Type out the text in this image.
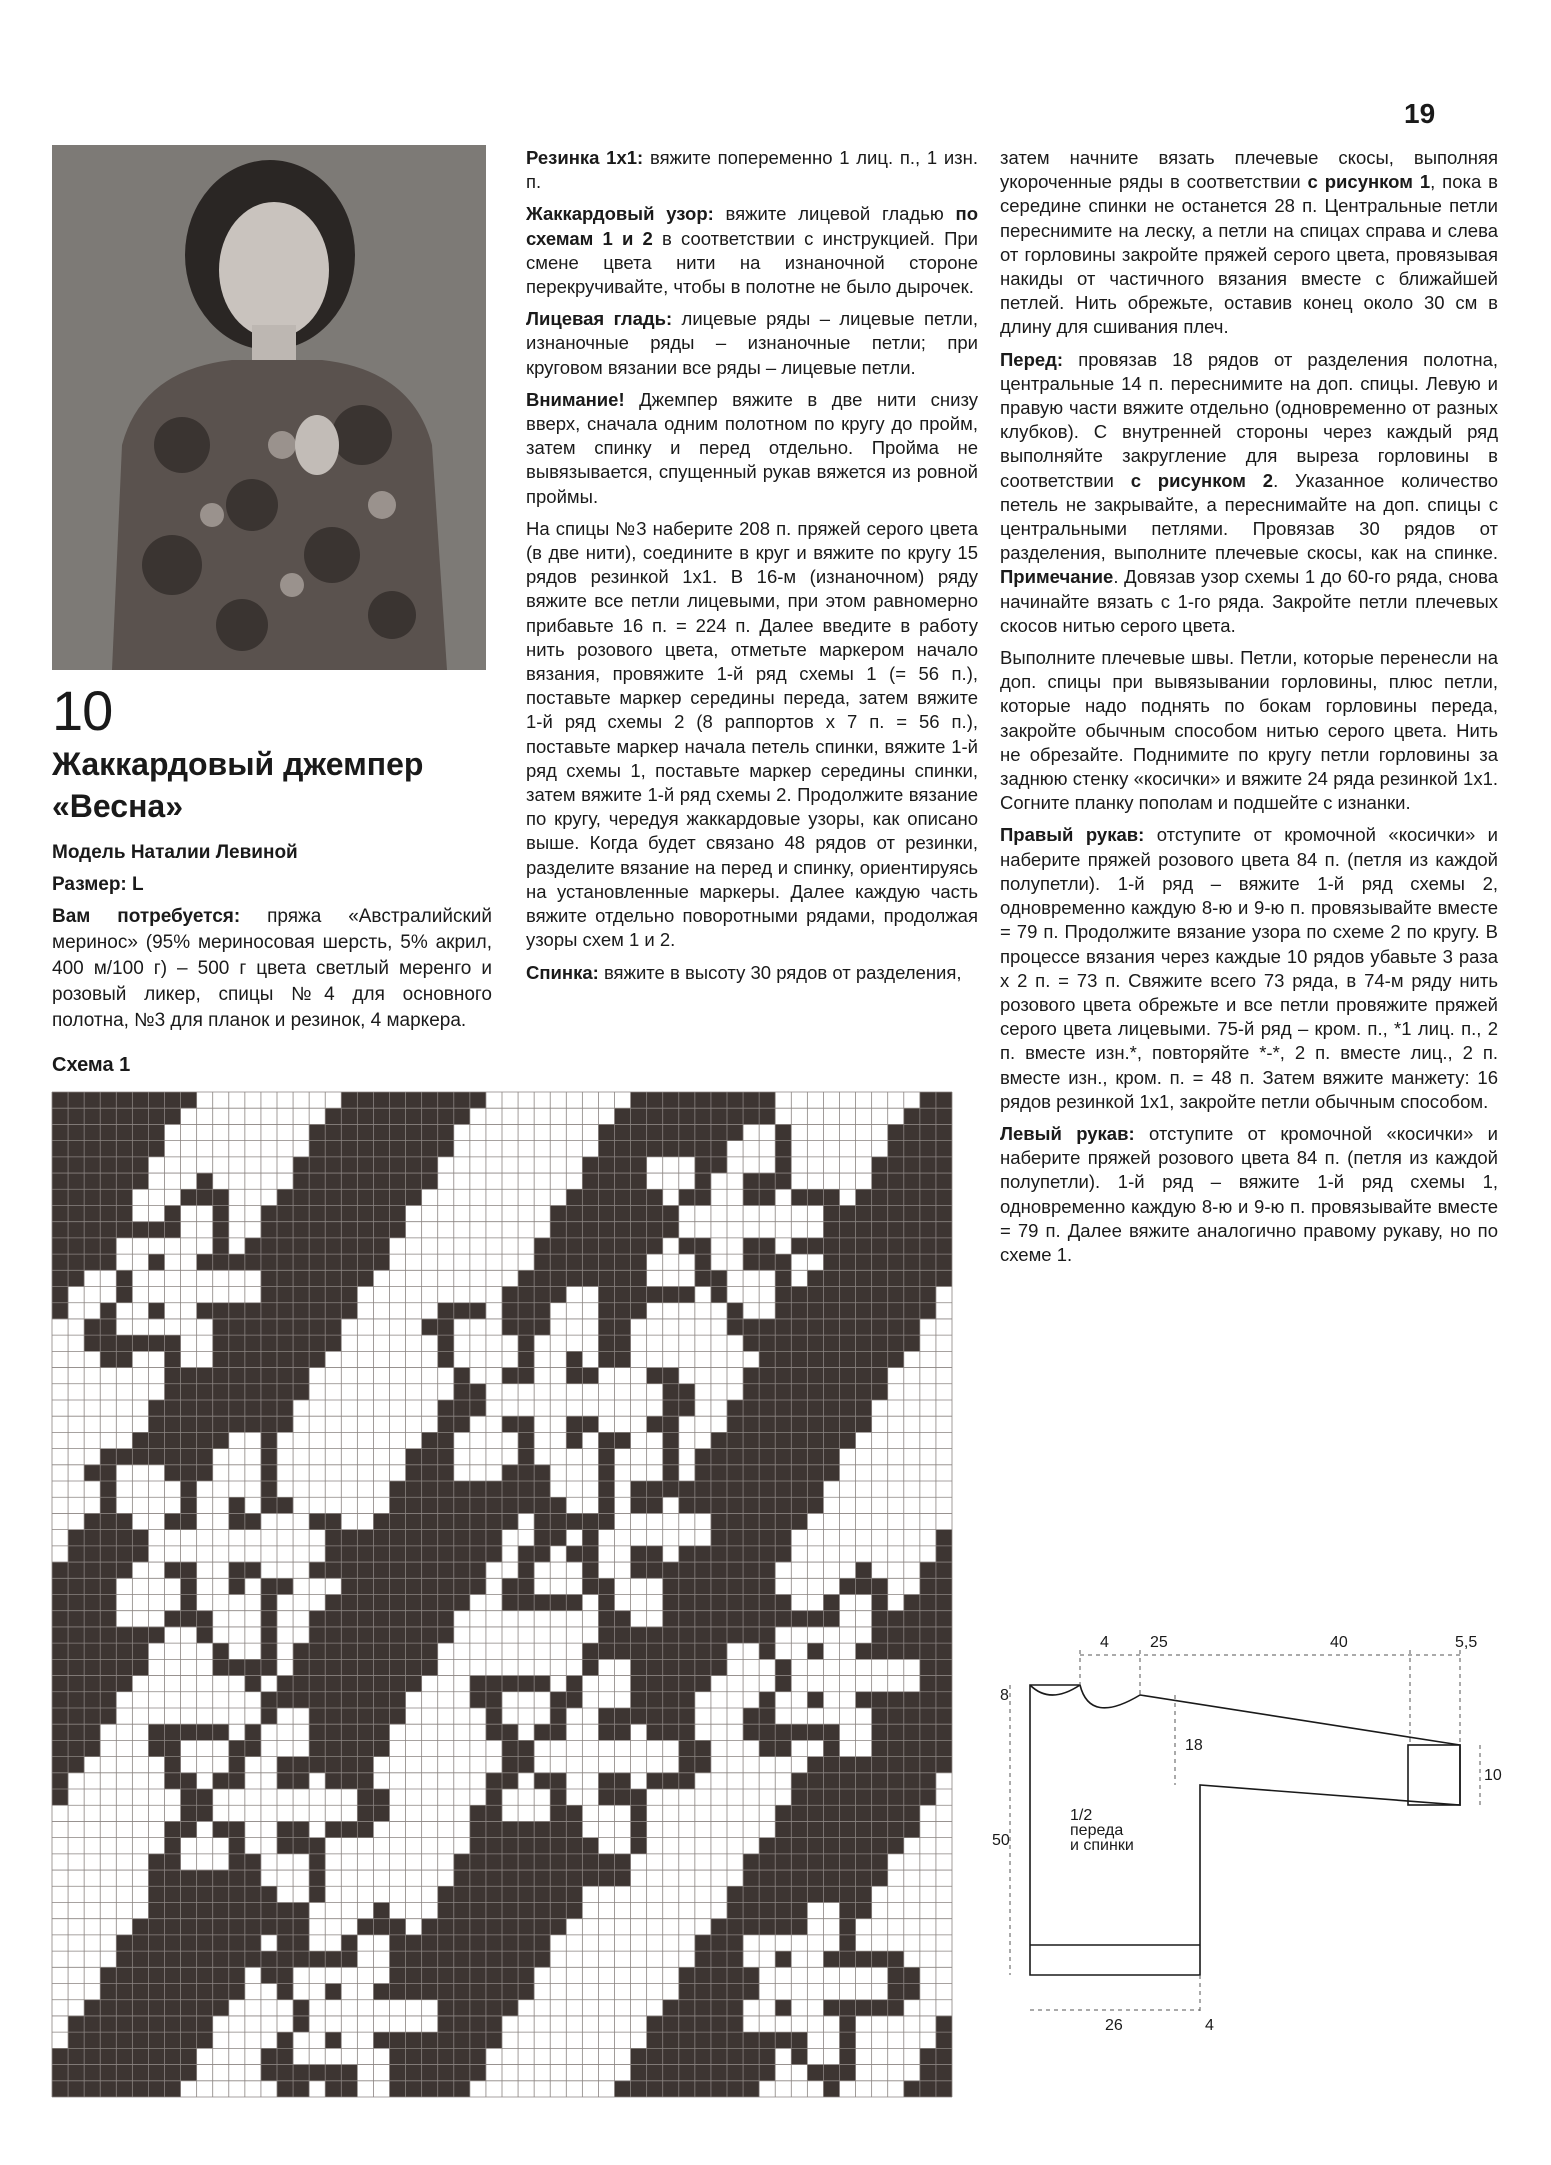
19
10
Жаккардовый джемпер
«Весна»

Модель Наталии Левиной

Размер: L

Вам потребуется: пряжа «Австралийский меринос» (95% мериносовая шерсть, 5% акрил, 400 м/100 г) – 500 г цвета светлый меренго и розовый ликер, спицы №4 для основного полотна, №3 для планок и резинок, 4 маркера.

Резинка 1х1: вяжите попеременно 1 лиц. п., 1 изн. п.

Жаккардовый узор: вяжите лицевой гладью по схемам 1 и 2 в соответствии с инструкцией. При смене цвета нити на изнаночной стороне перекручивайте, чтобы в полотне не было дырочек.

Лицевая гладь: лицевые ряды – лицевые петли, изнаночные ряды – изнаночные петли; при круговом вязании все ряды – лицевые петли.

Внимание! Джемпер вяжите в две нити снизу вверх, сначала одним полотном по кругу до пройм, затем спинку и перед отдельно. Пройма не вывязывается, спущенный рукав вяжется из ровной проймы.

На спицы №3 наберите 208 п. пряжей серого цвета (в две нити), соедините в круг и вяжите по кругу 15 рядов резинкой 1х1. В 16-м (изнаночном) ряду вяжите все петли лицевыми, при этом равномерно прибавьте 16 п. = 224 п. Далее введите в работу нить розового цвета, отметьте маркером начало вязания, провяжите 1-й ряд схемы 1 (= 56 п.), поставьте маркер середины переда, затем вяжите 1-й ряд схемы 2 (8 раппортов х 7 п. = 56 п.), поставьте маркер начала петель спинки, вяжите 1-й ряд схемы 1, поставьте маркер середины спинки, затем вяжите 1-й ряд схемы 2. Продолжите вязание по кругу, чередуя жаккардовые узоры, как описано выше. Когда будет связано 48 рядов от резинки, разделите вязание на перед и спинку, ориентируясь на установленные маркеры. Далее каждую часть вяжите отдельно поворотными рядами, продолжая узоры схем 1 и 2.

Спинка: вяжите в высоту 30 рядов от разделения,

затем начните вязать плечевые скосы, выполняя укороченные ряды в соответствии с рисунком 1, пока в середине спинки не останется 28 п. Центральные петли переснимите на леску, а петли на спицах справа и слева от горловины закройте пряжей серого цвета, провязывая накиды от частичного вязания вместе с ближайшей петлей. Нить обрежьте, оставив конец около 30 см в длину для сшивания плеч.

Перед: провязав 18 рядов от разделения полотна, центральные 14 п. переснимите на доп. спицы. Левую и правую части вяжите отдельно (одновременно от разных клубков). С внутренней стороны через каждый ряд выполняйте закругление для выреза горловины в соответствии с рисунком 2. Указанное количество петель не закрывайте, а переснимайте на доп. спицы с центральными петлями. Провязав 30 рядов от разделения, выполните плечевые скосы, как на спинке. Примечание. Довязав узор схемы 1 до 60-го ряда, снова начинайте вязать с 1-го ряда. Закройте петли плечевых скосов нитью серого цвета.

Выполните плечевые швы. Петли, которые перенесли на доп. спицы при вывязывании горловины, плюс петли, которые надо поднять по бокам горловины переда, закройте обычным способом нитью серого цвета. Нить не обрезайте. Поднимите по кругу петли горловины за заднюю стенку «косички» и вяжите 24 ряда резинкой 1х1. Согните планку пополам и подшейте с изнанки.

Правый рукав: отступите от кромочной «косички» и наберите пряжей розового цвета 84 п. (петля из каждой полупетли). 1-й ряд – вяжите 1-й ряд схемы 2, одновременно каждую 8-ю и 9-ю п. провязывайте вместе = 79 п. Продолжите вязание узора по схеме 2 по кругу. В процессе вязания через каждые 10 рядов убавьте 3 раза х 2 п. = 73 п. Свяжите всего 73 ряда, в 74-м ряду нить розового цвета обрежьте и все петли провяжите пряжей серого цвета лицевыми. 75-й ряд – кром. п., *1 лиц. п., 2 п. вместе изн.*, повторяйте *-*, 2 п. вместе лиц., 2 п. вместе изн., кром. п. = 48 п. Затем вяжите манжету: 16 рядов резинкой 1х1, закройте петли обычным способом.

Левый рукав: отступите от кромочной «косички» и наберите пряжей розового цвета 84 п. (петля из каждой полупетли). 1-й ряд – вяжите 1-й ряд схемы 1, одновременно каждую 8-ю и 9-ю п. провязывайте вместе = 79 п. Далее вяжите аналогично правому рукаву, но по схеме 1.

Схема 1
4	25	40	5,5
8
18
10
50
1/2
переда
и спинки
26	4
